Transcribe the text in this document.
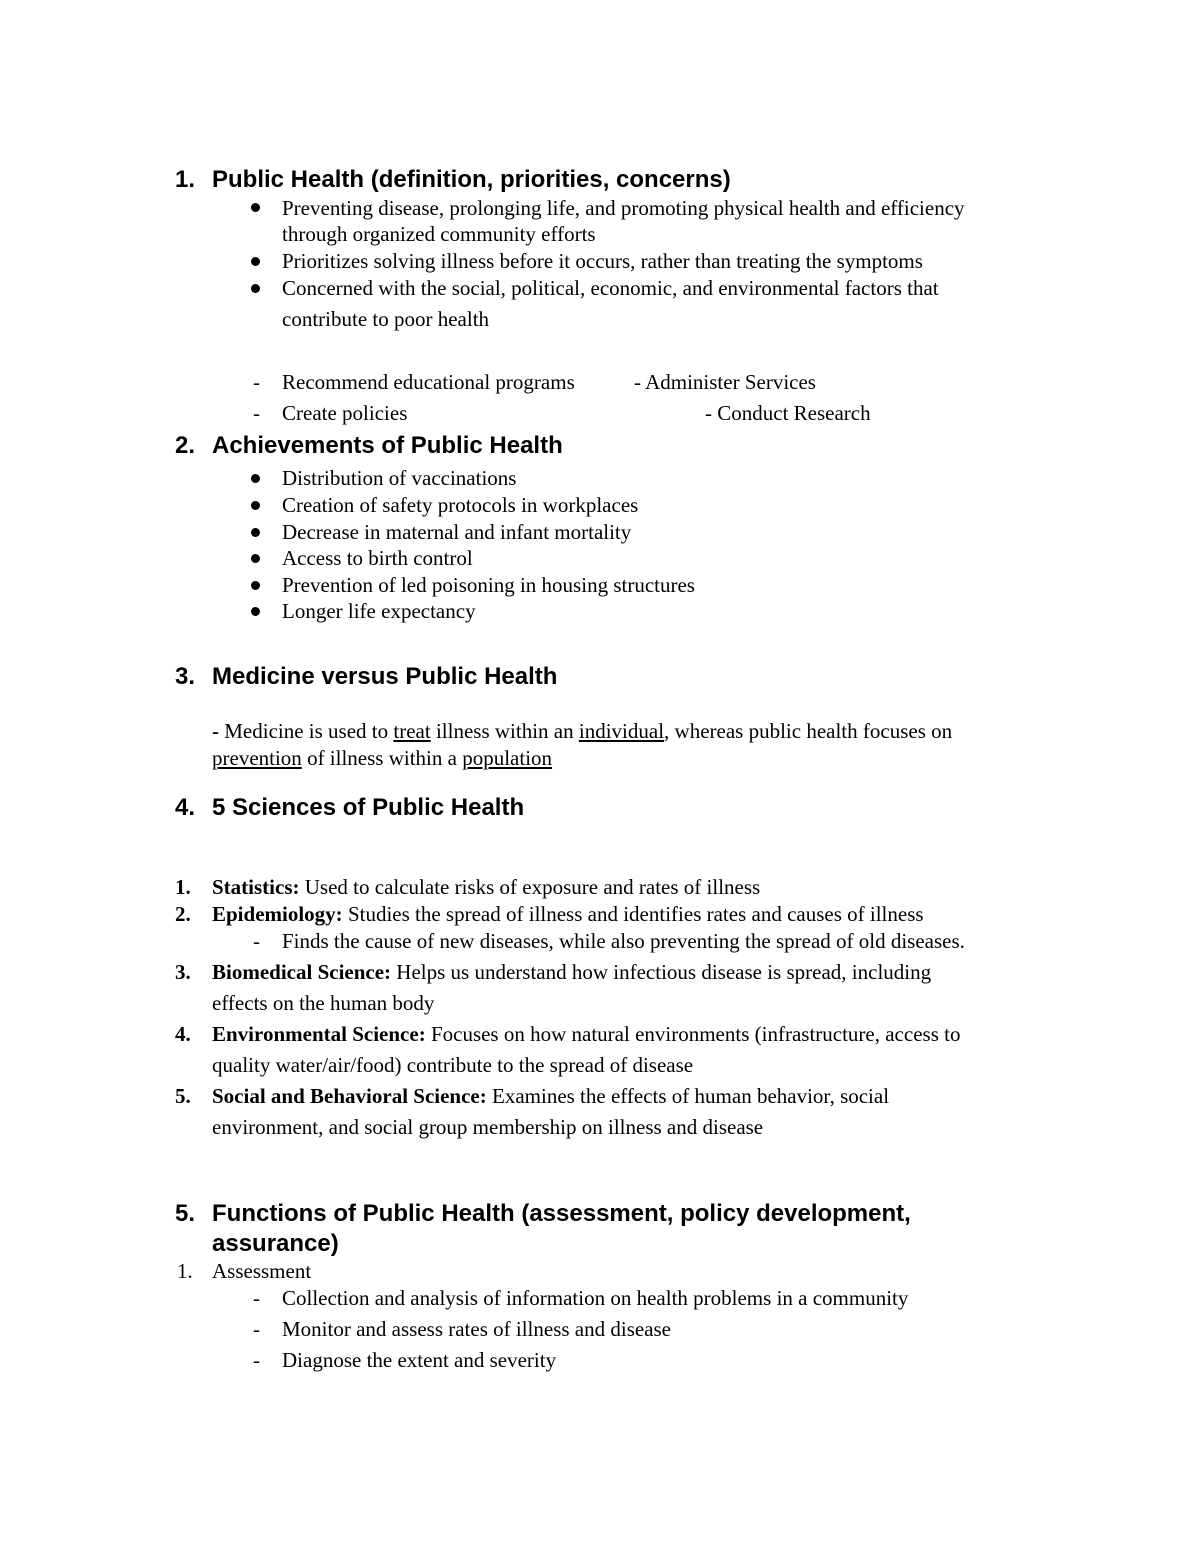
1. Public Health (definition, priorities, concerns)
Preventing disease, prolonging life, and promoting physical health and efficiency
through organized community efforts
Prioritizes solving illness before it occurs, rather than treating the symptoms
Concerned with the social, political, economic, and environmental factors that
contribute to poor health
- Recommend educational programs	- Administer Services
- Create policies	- Conduct Research
2. Achievements of Public Health
Distribution of vaccinations
Creation of safety protocols in workplaces
Decrease in maternal and infant mortality
Access to birth control
Prevention of led poisoning in housing structures
Longer life expectancy
3. Medicine versus Public Health
- Medicine is used to treat illness within an individual, whereas public health focuses on
prevention of illness within a population
4. 5 Sciences of Public Health
1. Statistics: Used to calculate risks of exposure and rates of illness
2. Epidemiology: Studies the spread of illness and identifies rates and causes of illness
- Finds the cause of new diseases, while also preventing the spread of old diseases.
3. Biomedical Science: Helps us understand how infectious disease is spread, including
effects on the human body
4. Environmental Science: Focuses on how natural environments (infrastructure, access to
quality water/air/food) contribute to the spread of disease
5. Social and Behavioral Science: Examines the effects of human behavior, social
environment, and social group membership on illness and disease
5. Functions of Public Health (assessment, policy development,
assurance)
1. Assessment
- Collection and analysis of information on health problems in a community
- Monitor and assess rates of illness and disease
- Diagnose the extent and severity
